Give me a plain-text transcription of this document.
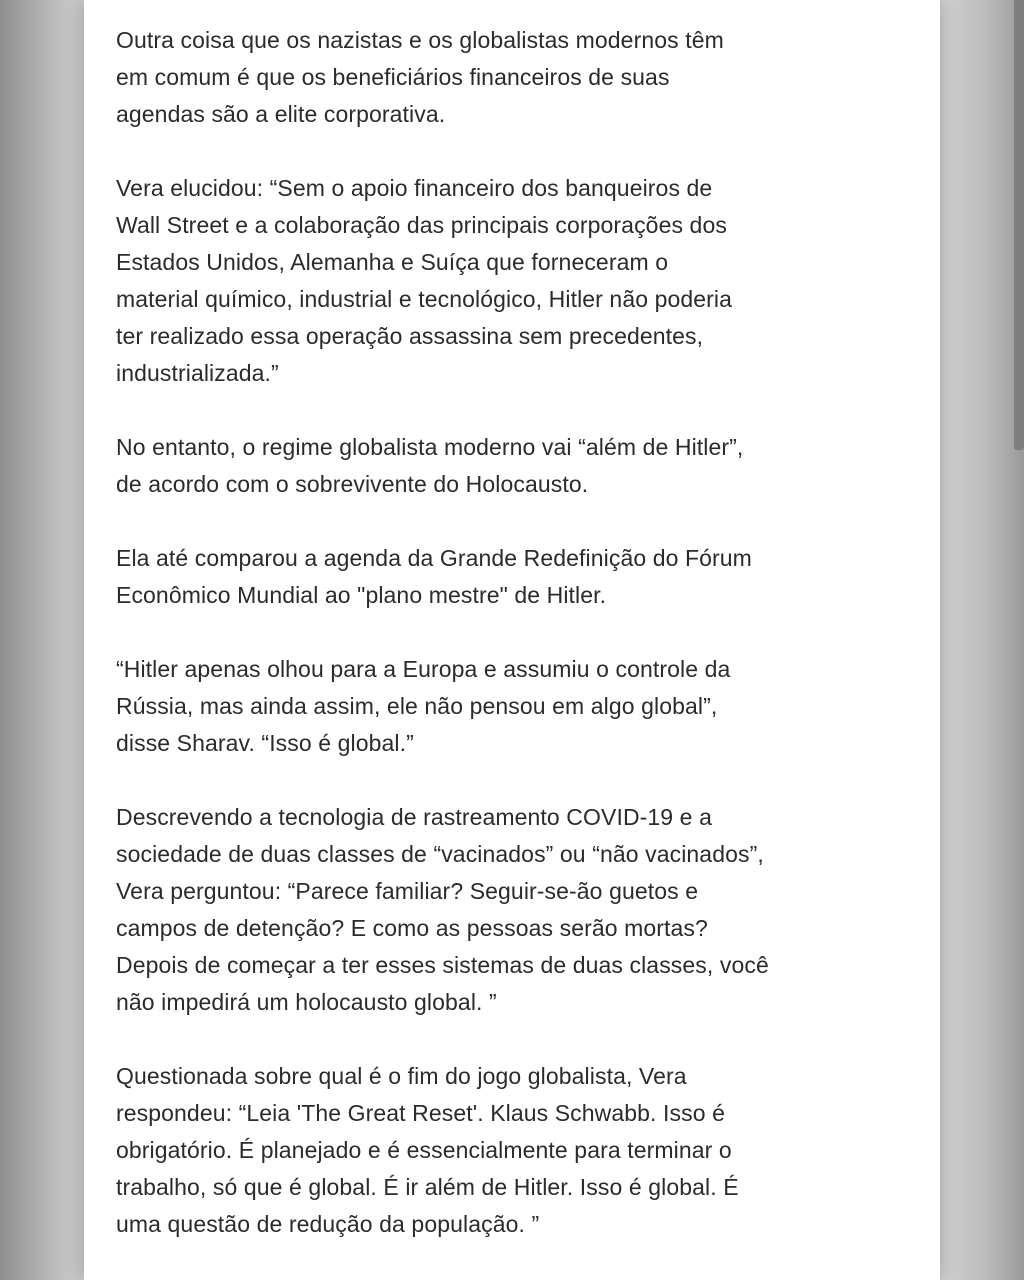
Outra coisa que os nazistas e os globalistas modernos têm
em comum é que os beneficiários financeiros de suas
agendas são a elite corporativa.

Vera elucidou: “Sem o apoio financeiro dos banqueiros de
Wall Street e a colaboração das principais corporações dos
Estados Unidos, Alemanha e Suíça que forneceram o
material químico, industrial e tecnológico, Hitler não poderia
ter realizado essa operação assassina sem precedentes,
industrializada.”

No entanto, o regime globalista moderno vai “além de Hitler”,
de acordo com o sobrevivente do Holocausto.

Ela até comparou a agenda da Grande Redefinição do Fórum
Econômico Mundial ao "plano mestre" de Hitler.

“Hitler apenas olhou para a Europa e assumiu o controle da
Rússia, mas ainda assim, ele não pensou em algo global”,
disse Sharav. “Isso é global.”

Descrevendo a tecnologia de rastreamento COVID-19 e a
sociedade de duas classes de “vacinados” ou “não vacinados”,
Vera perguntou: “Parece familiar? Seguir-se-ão guetos e
campos de detenção? E como as pessoas serão mortas?
Depois de começar a ter esses sistemas de duas classes, você
não impedirá um holocausto global. ”

Questionada sobre qual é o fim do jogo globalista, Vera
respondeu: “Leia 'The Great Reset'. Klaus Schwabb. Isso é
obrigatório. É planejado e é essencialmente para terminar o
trabalho, só que é global. É ir além de Hitler. Isso é global. É
uma questão de redução da população. ”
